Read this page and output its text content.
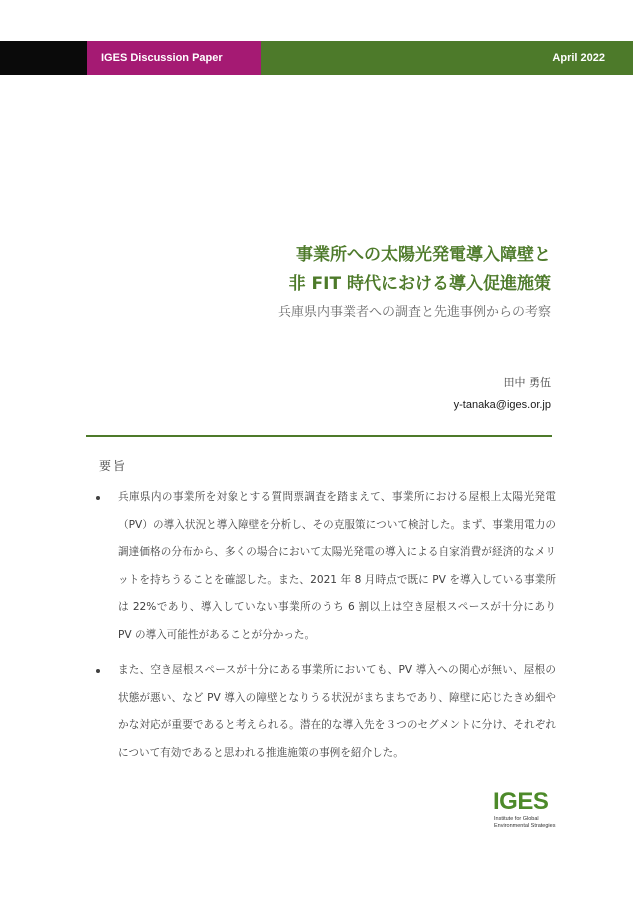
IGES Discussion Paper	April 2022
事業所への太陽光発電導入障壁と
非 FIT 時代における導入促進施策
兵庫県内事業者への調査と先進事例からの考察
田中 勇伍
y-tanaka@iges.or.jp
要旨
兵庫県内の事業所を対象とする質問票調査を踏まえて、事業所における屋根上太陽光発電（PV）の導入状況と導入障壁を分析し、その克服策について検討した。まず、事業用電力の調達価格の分布から、多くの場合において太陽光発電の導入による自家消費が経済的なメリットを持ちうることを確認した。また、2021 年 8 月時点で既に PV を導入している事業所は 22%であり、導入していない事業所のうち 6 割以上は空き屋根スペースが十分にあり PV の導入可能性があることが分かった。
また、空き屋根スペースが十分にある事業所においても、PV 導入への関心が無い、屋根の状態が悪い、など PV 導入の障壁となりうる状況がまちまちであり、障壁に応じたきめ細やかな対応が重要であると考えられる。潜在的な導入先を３つのセグメントに分け、それぞれについて有効であると思われる推進施策の事例を紹介した。
IGES
Institute for Global
Environmental Strategies
